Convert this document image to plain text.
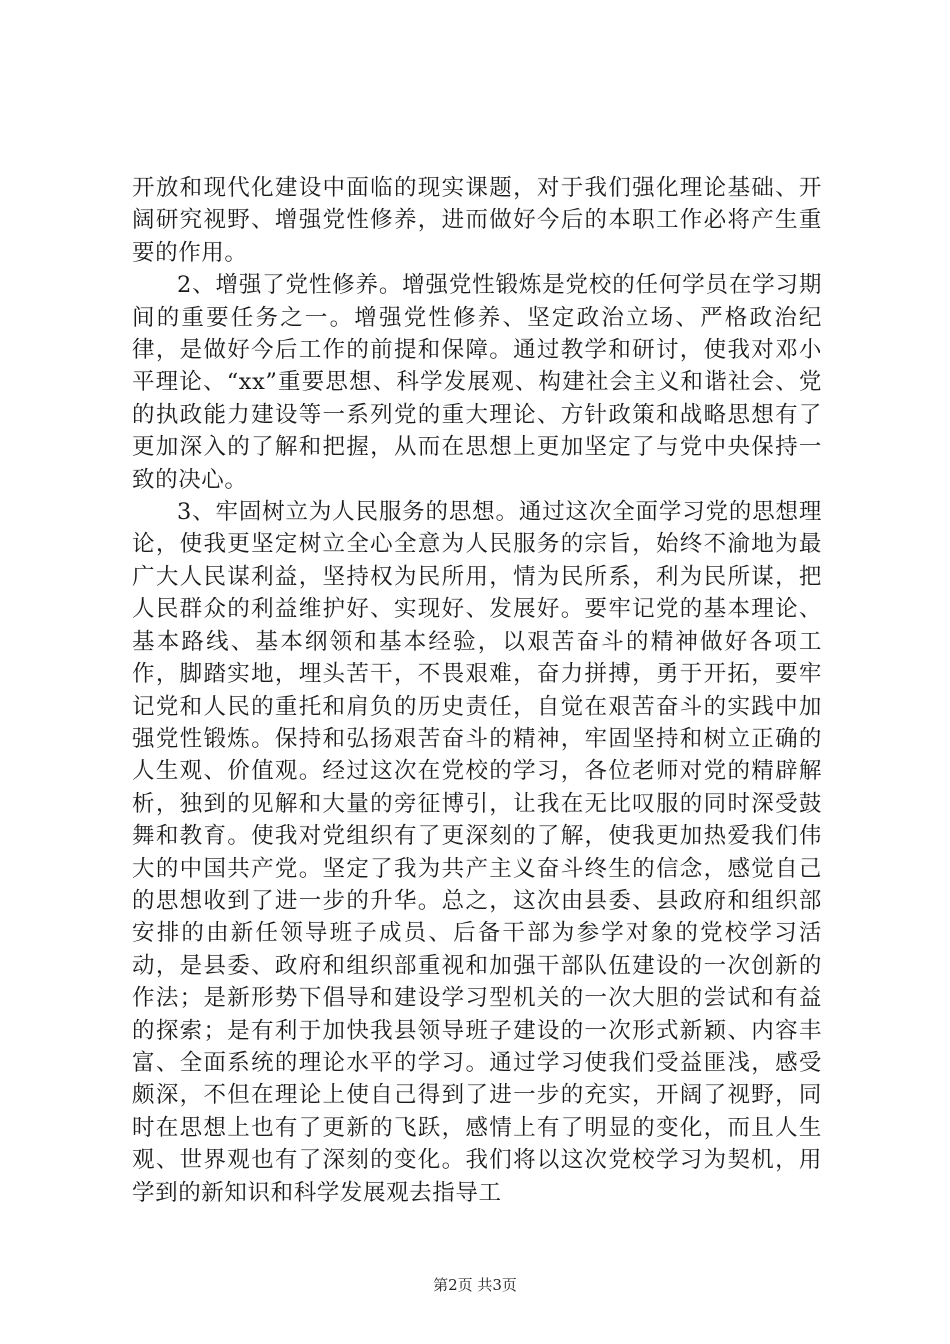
开放和现代化建设中面临的现实课题，对于我们强化理论基础、开阔研究视野、增强党性修养，进而做好今后的本职工作必将产生重要的作用。

2、增强了党性修养。增强党性锻炼是党校的任何学员在学习期间的重要任务之一。增强党性修养、坚定政治立场、严格政治纪律，是做好今后工作的前提和保障。通过教学和研讨，使我对邓小平理论、“xx”重要思想、科学发展观、构建社会主义和谐社会、党的执政能力建设等一系列党的重大理论、方针政策和战略思想有了更加深入的了解和把握，从而在思想上更加坚定了与党中央保持一致的决心。

3、牢固树立为人民服务的思想。通过这次全面学习党的思想理论，使我更坚定树立全心全意为人民服务的宗旨，始终不渝地为最广大人民谋利益，坚持权为民所用，情为民所系，利为民所谋，把人民群众的利益维护好、实现好、发展好。要牢记党的基本理论、基本路线、基本纲领和基本经验，以艰苦奋斗的精神做好各项工作，脚踏实地，埋头苦干，不畏艰难，奋力拼搏，勇于开拓，要牢记党和人民的重托和肩负的历史责任，自觉在艰苦奋斗的实践中加强党性锻炼。保持和弘扬艰苦奋斗的精神，牢固坚持和树立正确的人生观、价值观。经过这次在党校的学习，各位老师对党的精辟解析，独到的见解和大量的旁征博引，让我在无比叹服的同时深受鼓舞和教育。使我对党组织有了更深刻的了解，使我更加热爱我们伟大的中国共产党。坚定了我为共产主义奋斗终生的信念，感觉自己的思想收到了进一步的升华。总之，这次由县委、县政府和组织部安排的由新任领导班子成员、后备干部为参学对象的党校学习活动，是县委、政府和组织部重视和加强干部队伍建设的一次创新的作法；是新形势下倡导和建设学习型机关的一次大胆的尝试和有益的探索；是有利于加快我县领导班子建设的一次形式新颖、内容丰富、全面系统的理论水平的学习。通过学习使我们受益匪浅，感受颇深，不但在理论上使自己得到了进一步的充实，开阔了视野，同时在思想上也有了更新的飞跃，感情上有了明显的变化，而且人生观、世界观也有了深刻的变化。我们将以这次党校学习为契机，用学到的新知识和科学发展观去指导工

第2页 共3页
